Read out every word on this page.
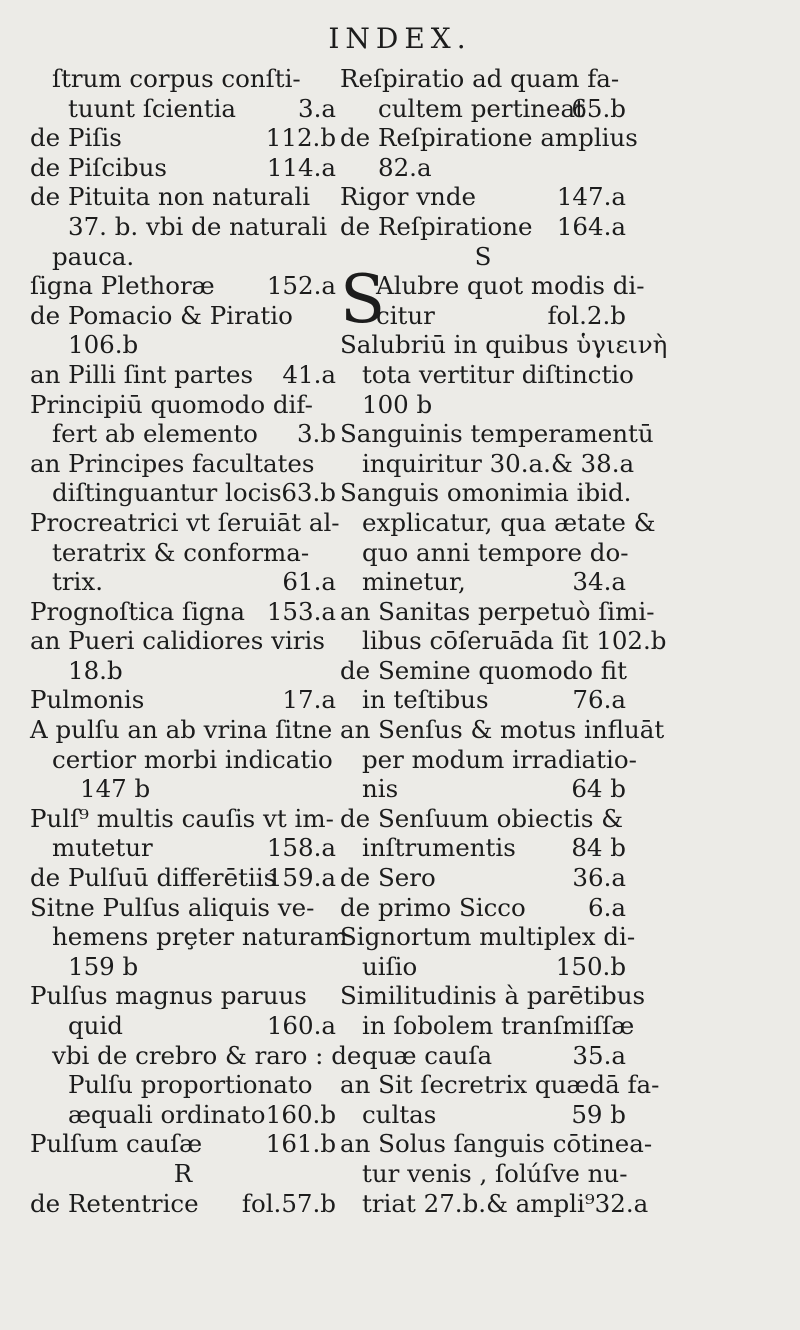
INDEX.
ſtrum corpus conſti-
tuunt ſcientia	3.a
de Piſis	112.b
de Piſcibus	114.a
de Pituita non naturali
37. b. vbi de naturali
pauca.
ſigna Plethoræ 152.a
de Pomacio & Piratio
106.b
an Pilli ſint partes 41.a
Principiū quomodo dif-
fert ab elemento 3.b
an Principes facultates
diſtinguantur locis 63.b
Procreatrici vt ſeruiāt al-
teratrix & conforma-
trix.	61.a
Prognoſtica ſigna 153.a
an Pueri calidiores viris
18.b
Pulmonis	17.a
A pulſu an ab vrina ſitne
certior morbi indicatio
147 b
Pulſ⁹ multis cauſis vt im-
mutetur	158.a
de Pulſuū differētiis
159.a
Sitne Pulſus aliquis ve-
hemens prȩter naturam
159 b
Pulſus magnus paruus
quid	160.a
vbi de crebro & raro : de
Pulſu proportionato
æquali ordinato 160.b
Pulſum cauſæ	161.b
R
de Retentrice fol.57.b
Reſpiratio ad quam fa-
cultem pertineat
65.b
de Reſpiratione amplius
82.a
Rigor vnde	147.a
de Reſpiratione 164.a
S
S
Alubre quot modis di-
citur	fol.2.b
Salubriū in quibus ὑγιεινὴ
tota vertitur diſtinctio
100 b
Sanguinis temperamentū
inquiritur 30.a.& 38.a
Sanguis omonimia ibid.
explicatur, qua ætate &
quo anni tempore do-
minetur,	34.a
an Sanitas perpetuò ſimi-
libus cōſeruāda ſit 102.b
de Semine quomodo fit
in teſtibus	76.a
an Senſus & motus influāt
per modum irradiatio-
nis	64 b
de Senſuum obiectis &
inſtrumentis 84 b
de Sero	36.a
de primo Sicco	6.a
Signortum multiplex di-
uiſio	150.b
Similitudinis à parētibus
in ſobolem tranſmiſſæ
quæ cauſa	35.a
an Sit ſecretrix quædā fa-
cultas	59 b
an Solus ſanguis cōtinea-
tur venis , ſolúſve nu-
triat 27.b.& ampli⁹32.a
